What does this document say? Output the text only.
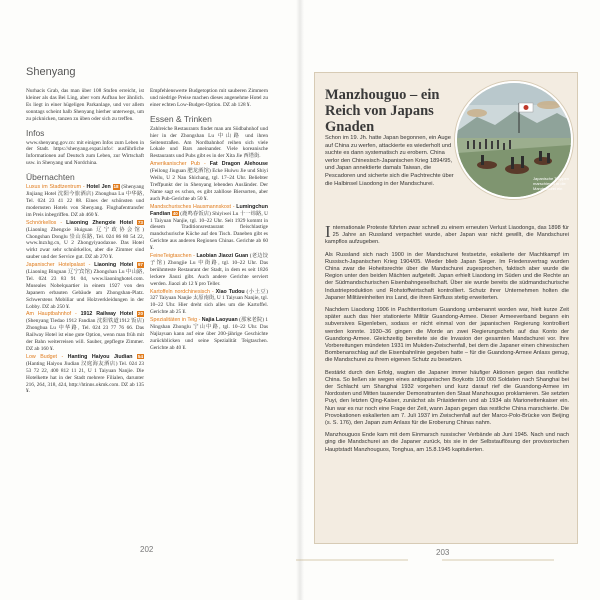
Shenyang

Nurhacis Grab, das man über 108 Stufen erreicht, ist kleiner als das Bei Ling, aber vom Aufbau her ähnlich. Es liegt in einer hügeligen Parkanlage, und vor allem sonntags scheint halb Shenyang hierher unterwegs, um zu picknicken, tanzen zu üben oder sich zu treffen.

Infos

www.shenyang.gov.cn: mit einigen Infos zum Leben in der Stadt. https://shenyang.expat.info/: ausführliche Informationen auf Deutsch zum Leben, zur Wirtschaft usw. in Shenyang und Nordchina.

Übernachten

Luxus im Stadtzentrum - Hotel Jen 18 (Shenyang Jinjiang Hotel 沈阳今旅酒店) Zhonghua Lu 中华路, Tel. 024 23 41 22 88. Eines der schönsten und modernsten Hotels von Shenyang. Flughafentransfer im Preis inbegriffen. DZ ab 460 ¥.

Schnörkellos - Liaoning Zhengxie Hotel 73 (Liaoning Zhengxie Huiguan 辽宁政协会馆) Chongshan Donglu 崇山东路, Tel. 024 86 80 54 22, www.lnzxhg.cn, U 2 Zhongyiyaodaxue. Das Hotel wirkt zwar sehr schnörkellos, aber die Zimmer sind sauber und der Service gut. DZ ab 270 ¥.

Japanischer Hotelpalast - Liaoning Hotel 97 (Liaoning Binguan 辽宁宾馆) Zhongshan Lu 中山路, Tel. 024 23 83 91 04, www.liaoninghotel.com. Museales Nobelquartier in einem 1927 von den Japanern erbauten Gebäude am Zhongshan-Platz. Schwerstens Mobiliar und Holzverkleidungen in der Lobby. DZ ab 250 ¥.

Am Hauptbahnhof - 1912 Railway Hotel 20 (Shenyang Tiedao 1912 Fandian 沈阳铁道1912 饭店) Zhonghua Lu 中华路, Tel. 024 23 77 76 66. Das Railway Hotel ist eine gute Option, wenn man früh mit der Bahn weiterreisen will. Sauber, gepflegte Zimmer. DZ ab 160 ¥.

Low Budget - Hanting Haiyou Jiudian 54 (Hanting Haiyou Jiudian 汉庭海友酒店) Tel. 024 23 53 72 22, 400 812 11 21, U 1 Taiyuan Nanjie. Die Hotelkette hat in der Stadt mehrere Filialen, darunter 216, 264, 318, 424, http://htinns.okmk.com. DZ ab 135 ¥.

Empfehlenswerte Budgetoption mit sauberen Zimmern und niedrige Preise machen dieses angenehme Hotel zu einer echten Low-Budget-Option. DZ ab 128 ¥.

Essen & Trinken

Zahlreiche Restaurants findet man am Südbahnhof und hier in der Zhongshan Lu 中山路 und ihren Seitenstraßen. Am Nordbahnhof reihen sich viele Lokale und Bars aneinander. Viele koreanische Restaurants und Pubs gibt es in der Xita Jie 西塔街.

Amerikanischer Pub - Fat Dragon Alehouse (Feilong Jiuguan 肥龙酒馆) Ecke Huiwu Jie und Shiyi Weilu, U 2 Nan Shichang, tgl. 17–24 Uhr. Beliebter Treffpunkt der in Shenyang lebenden Ausländer. Der Name sagt es schon, es gibt zahllose Biersorten, aber auch Pub-Gerichte ab 50 ¥.

Mandschurisches Hausmannskost - Lumingchun Fandian 40 (鹿鸣春饭店) Shiyiwei Lu 十一纬路, U 1 Taiyuan Nanjie, tgl. 10–22 Uhr. Seit 1929 kommt in diesem Traditionsrestaurant fleischlastige mandschurische Küche auf den Tisch. Daneben gibt es Gerichte aus anderen Regionen Chinas. Gerichte ab 60 ¥.

FeineTeigtaschen - Laobian Jiaozi Guan (老边饺子馆) Zhongjie Lu 中街路, tgl. 10–22 Uhr. Das berühmteste Restaurant der Stadt, in dem es seit 1826 leckere Jiaozi gibt. Auch andere Gerichte serviert werden. Jiaozi ab 12 ¥ pro Teller.

Kartoffeln nordchinesisch - Xiao Tudou (小土豆) 327 Taiyuan Nanjie 太原南街, U 1 Taiyuan Nanjie, tgl. 10–22 Uhr. Hier dreht sich alles um die Kartoffel. Gerichte ab 25 ¥.

Spezialitäten in Teig - Najia Laoyuan (那家老院) 1 Ningshan Zhonglu 宁山中路, tgl. 10–22 Uhr. Das Najiayuan kann auf eine über 200-jährige Geschichte zurückblicken und seine Spezialität Teigtaschen. Gerichte ab 40 ¥.

202
Manzhouguo – ein Reich von Japans Gnaden
Schon im 19. Jh. hatte Japan begonnen, ein Auge auf China zu werfen, attackierte es wiederholt und suchte es dann systematisch zu erobern. China verlor den Chinesisch-Japanischen Krieg 1894/95, und Japan annektierte damals Taiwan, die Pescadoren und sicherte sich die Pachtrechte über die Halbinsel Liaodong in der Mandschurei.
Japanische Truppen marschieren in die Mandschurei ein

Internationale Proteste führten zwar schnell zu einem erneuten Verlust Liaodongs, das 1898 für 25 Jahre an Russland verpachtet wurde, aber Japan war nicht gewillt, die Mandschurei kampflos aufzugeben.

Als Russland sich nach 1900 in der Mandschurei festsetzte, eskalierte der Machtkampf im Russisch-Japanischen Krieg 1904/05. Wieder blieb Japan Sieger. Im Friedensvertrag wurden China zwar die Hoheitsrechte über die Mandschurei zugesprochen, faktisch aber wurde die Region unter den beiden Mächten aufgeteilt. Japan erhielt Liaodong im Süden und die Rechte an der Südmandschurischen Eisenbahngesellschaft. Über sie wurde bereits die südmandschurische Industrieproduktion und Rohstoffwirtschaft kontrolliert. Schutz ihrer Unternehmen holten die Japaner Militäreinheiten ins Land, die ihren Einfluss stetig erweiterten.

Nachdem Liaodong 1906 in Pachtterritorium Guandong umbenannt worden war, hielt kurze Zeit später auch das hier stationierte Militär Guandong-Armee. Dieser Armeeverband begann ein subversives Eigenleben, sodass er nicht einmal von der japanischen Regierung kontrolliert werden konnte. 1930–36 gingen die Morde an zwei Regierungschefs auf das Konto der Guandong-Armee. Gleichzeitig bereitete sie die Invasion der gesamten Mandschurei vor. Ihre Vorbereitungen mündeten 1931 im Mukden-Zwischenfall, bei dem die Japaner einen chinesischen Bombenanschlag auf die Eisenbahnlinie gegeben hatte – für die Guandong-Armee Anlass genug, die Mandschurei zu ihrem eigenen Schutz zu besetzen.

Bestärkt durch den Erfolg, wagten die Japaner immer häufiger Aktionen gegen das restliche China. So ließen sie wegen eines antijapanischen Boykotts 100 000 Soldaten nach Shanghai bei der Schlacht um Shanghai 1932 vorgehen und kurz darauf rief die Guandong-Armee im Nordosten und Mitten tausender Demonstranten den Staat Manzhouguo proklamieren. Sie setzten Puyi, den letzten Qing-Kaiser, zunächst als Präsidenten und ab 1934 als Marionettenkaiser ein. Nun war es nur noch eine Frage der Zeit, wann Japan gegen das restliche China marschierte. Die Provokationen eskalierten am 7. Juli 1937 im Zwischenfall auf der Marco-Polo-Brücke von Beijing (s. S. 176), den Japan zum Anlass für die Eroberung Chinas nahm.

Manzhouguos Ende kam mit dem Einmarsch russischer Verbände ab Juni 1945. Nach und nach ging die Mandschurei an die Japaner zurück, bis sie in der Selbstauflösung der provisorischen Hauptstadt Manzhouguos, Tonghua, am 15.8.1945 kapitulierten.

203
